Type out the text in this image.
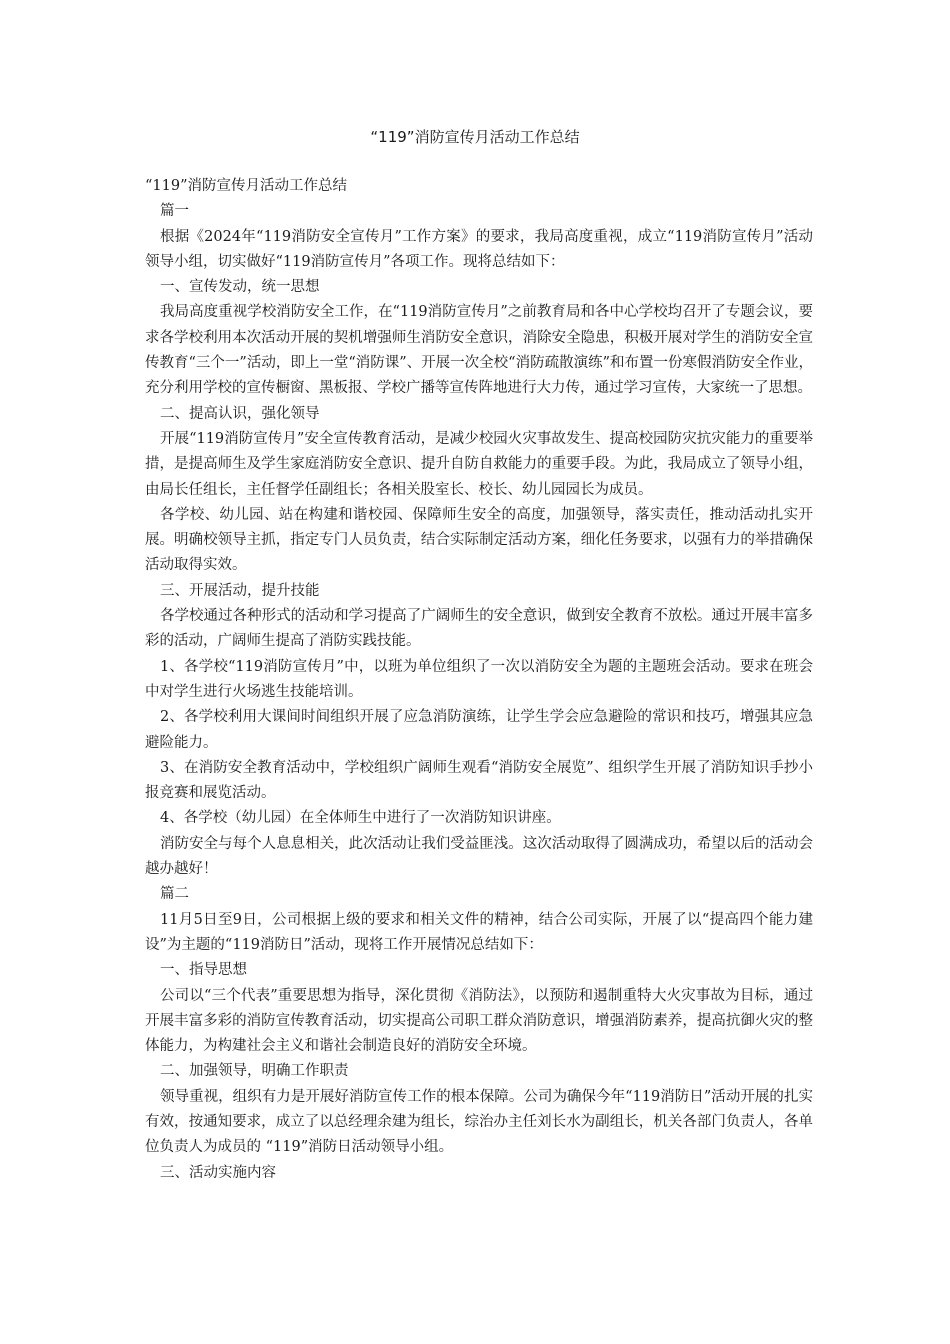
“119”消防宣传月活动工作总结

“119”消防宣传月活动工作总结

篇一

根据《2024年“119消防安全宣传月”工作方案》的要求，我局高度重视，成立“119消防宣传月”活动领导小组，切实做好“119消防宣传月”各项工作。现将总结如下：

一、宣传发动，统一思想

我局高度重视学校消防安全工作，在“119消防宣传月”之前教育局和各中心学校均召开了专题会议，要求各学校利用本次活动开展的契机增强师生消防安全意识，消除安全隐患，积极开展对学生的消防安全宣传教育“三个一”活动，即上一堂“消防课”、开展一次全校“消防疏散演练”和布置一份寒假消防安全作业，充分利用学校的宣传橱窗、黑板报、学校广播等宣传阵地进行大力传，通过学习宣传，大家统一了思想。

二、提高认识，强化领导

开展“119消防宣传月”安全宣传教育活动，是减少校园火灾事故发生、提高校园防灾抗灾能力的重要举措，是提高师生及学生家庭消防安全意识、提升自防自救能力的重要手段。为此，我局成立了领导小组，由局长任组长，主任督学任副组长；各相关股室长、校长、幼儿园园长为成员。

各学校、幼儿园、站在构建和谐校园、保障师生安全的高度，加强领导，落实责任，推动活动扎实开展。明确校领导主抓，指定专门人员负责，结合实际制定活动方案，细化任务要求，以强有力的举措确保活动取得实效。

三、开展活动，提升技能

各学校通过各种形式的活动和学习提高了广阔师生的安全意识，做到安全教育不放松。通过开展丰富多彩的活动，广阔师生提高了消防实践技能。

1、各学校“119消防宣传月”中，以班为单位组织了一次以消防安全为题的主题班会活动。要求在班会中对学生进行火场逃生技能培训。

2、各学校利用大课间时间组织开展了应急消防演练，让学生学会应急避险的常识和技巧，增强其应急避险能力。

3、在消防安全教育活动中，学校组织广阔师生观看“消防安全展览”、组织学生开展了消防知识手抄小报竞赛和展览活动。

4、各学校（幼儿园）在全体师生中进行了一次消防知识讲座。

消防安全与每个人息息相关，此次活动让我们受益匪浅。这次活动取得了圆满成功，希望以后的活动会越办越好！

篇二

11月5日至9日，公司根据上级的要求和相关文件的精神，结合公司实际，开展了以“提高四个能力建设”为主题的“119消防日”活动，现将工作开展情况总结如下：

一、指导思想

公司以“三个代表”重要思想为指导，深化贯彻《消防法》，以预防和遏制重特大火灾事故为目标，通过开展丰富多彩的消防宣传教育活动，切实提高公司职工群众消防意识，增强消防素养，提高抗御火灾的整体能力，为构建社会主义和谐社会制造良好的消防安全环境。

二、加强领导，明确工作职责

领导重视，组织有力是开展好消防宣传工作的根本保障。公司为确保今年“119消防日”活动开展的扎实有效，按通知要求，成立了以总经理余建为组长，综治办主任刘长水为副组长，机关各部门负责人，各单位负责人为成员的 “119”消防日活动领导小组。

三、活动实施内容
